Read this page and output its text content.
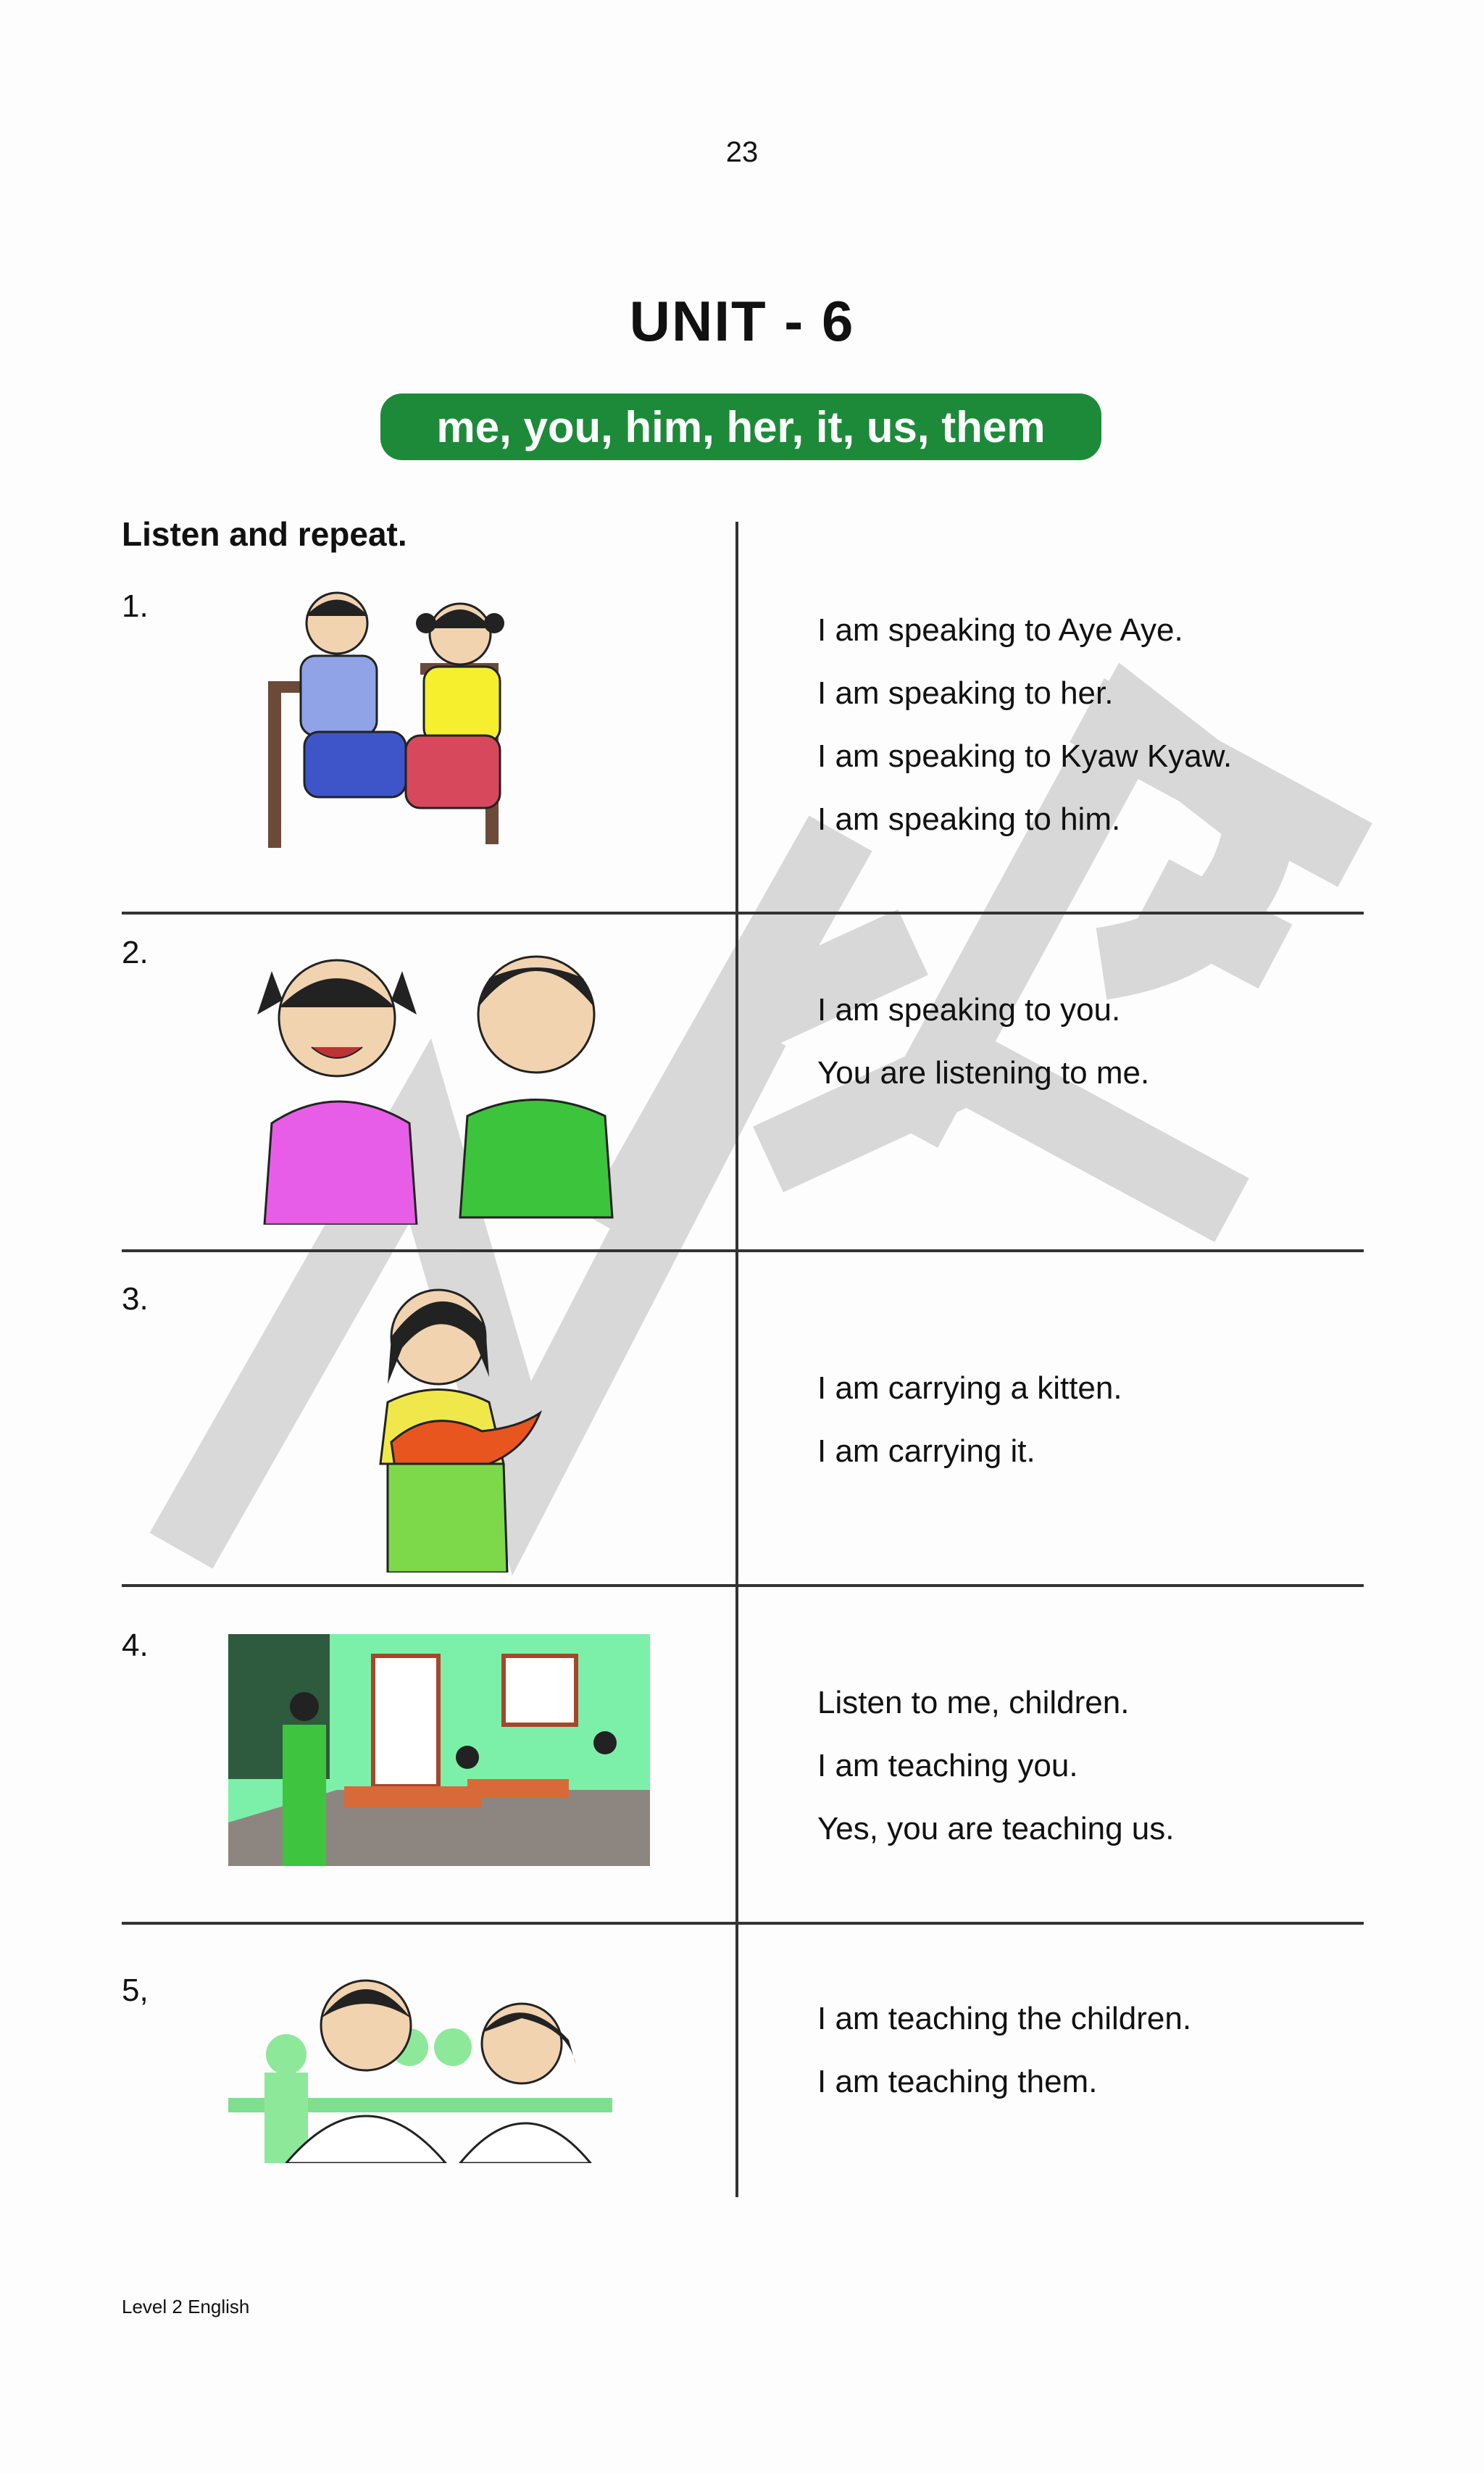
23
UNIT - 6
me, you, him, her, it, us, them
Listen and repeat.
1.
I am speaking to Aye Aye.
I am speaking to her.
I am speaking to Kyaw Kyaw.
I am speaking to him.
2.
I am speaking to you.
You are listening to me.
3.
I am carrying a kitten.
I am carrying it.
4.
Listen to me, children.
I am teaching you.
Yes, you are teaching us.
5,
I am teaching the children.
I am teaching them.
Level 2 English
